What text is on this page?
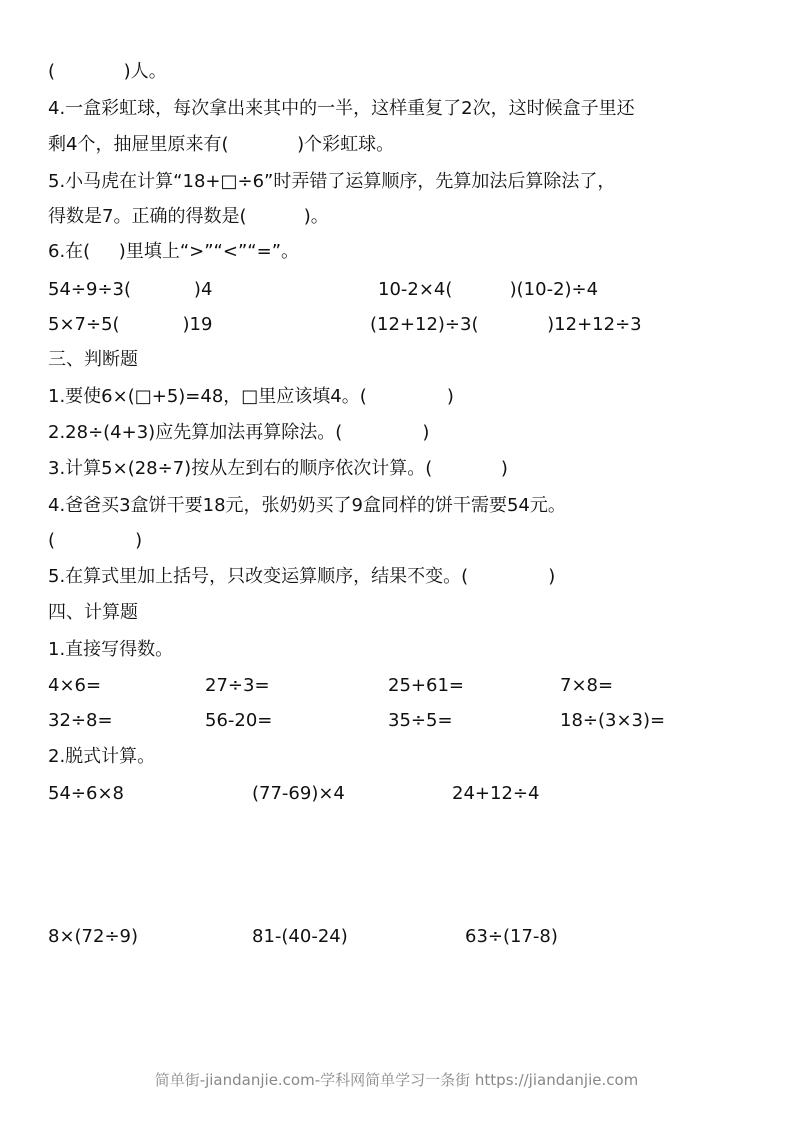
(            )人。
4.一盒彩虹球，每次拿出来其中的一半，这样重复了2次，这时候盒子里还
剩4个，抽屉里原来有(            )个彩虹球。
5.小马虎在计算“18+□÷6”时弄错了运算顺序，先算加法后算除法了，
得数是7。正确的得数是(          )。
6.在(     )里填上“>”“<”“=”。
54÷9÷3(           )4	10-2×4(          )(10-2)÷4
5×7÷5(           )19	(12+12)÷3(            )12+12÷3
三、判断题
1.要使6×(□+5)=48，□里应该填4。(              )
2.28÷(4+3)应先算加法再算除法。(              )
3.计算5×(28÷7)按从左到右的顺序依次计算。(            )
4.爸爸买3盒饼干要18元，张奶奶买了9盒同样的饼干需要54元。
(              )
5.在算式里加上括号，只改变运算顺序，结果不变。(              )
四、计算题
1.直接写得数。
4×6=	27÷3=	25+61=	7×8=
32÷8=	56-20=	35÷5=	18÷(3×3)=
2.脱式计算。
54÷6×8	(77-69)×4	24+12÷4
8×(72÷9)	81-(40-24)	63÷(17-8)
简单街-jiandanjie.com-学科网简单学习一条街 https://jiandanjie.com
